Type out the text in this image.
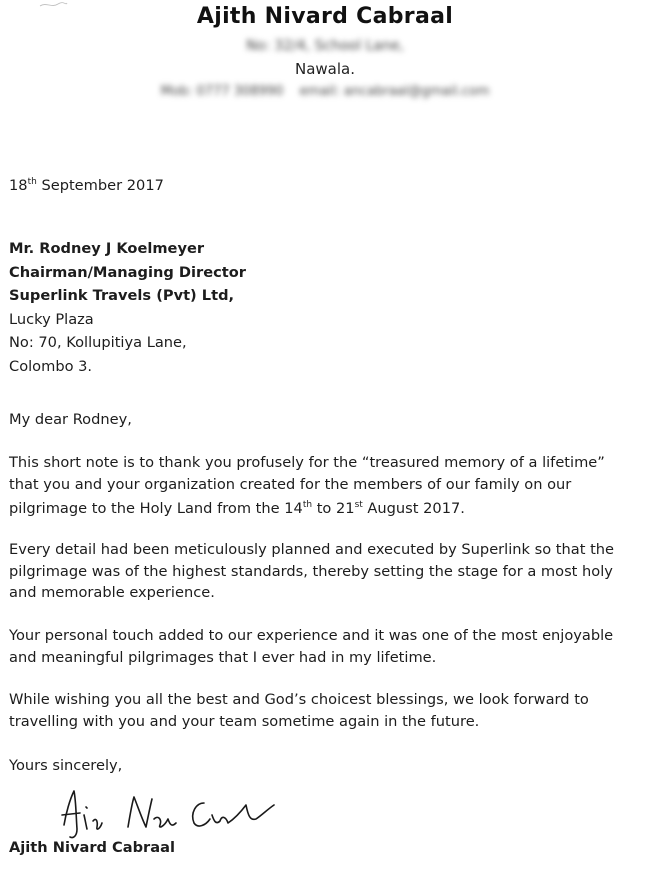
Ajith Nivard Cabraal
No: 32/4, School Lane,
Nawala.
Mob: 0777 308990 email: ancabraal@gmail.com
18th September 2017
Mr. Rodney J Koelmeyer
Chairman/Managing Director
Superlink Travels (Pvt) Ltd,
Lucky Plaza
No: 70, Kollupitiya Lane,
Colombo 3.
My dear Rodney,
This short note is to thank you profusely for the “treasured memory of a lifetime” that you and your organization created for the members of our family on our pilgrimage to the Holy Land from the 14th to 21st August 2017.
Every detail had been meticulously planned and executed by Superlink so that the pilgrimage was of the highest standards, thereby setting the stage for a most holy and memorable experience.
Your personal touch added to our experience and it was one of the most enjoyable and meaningful pilgrimages that I ever had in my lifetime.
While wishing you all the best and God’s choicest blessings, we look forward to travelling with you and your team sometime again in the future.
Yours sincerely,
Ajith Nivard Cabraal
